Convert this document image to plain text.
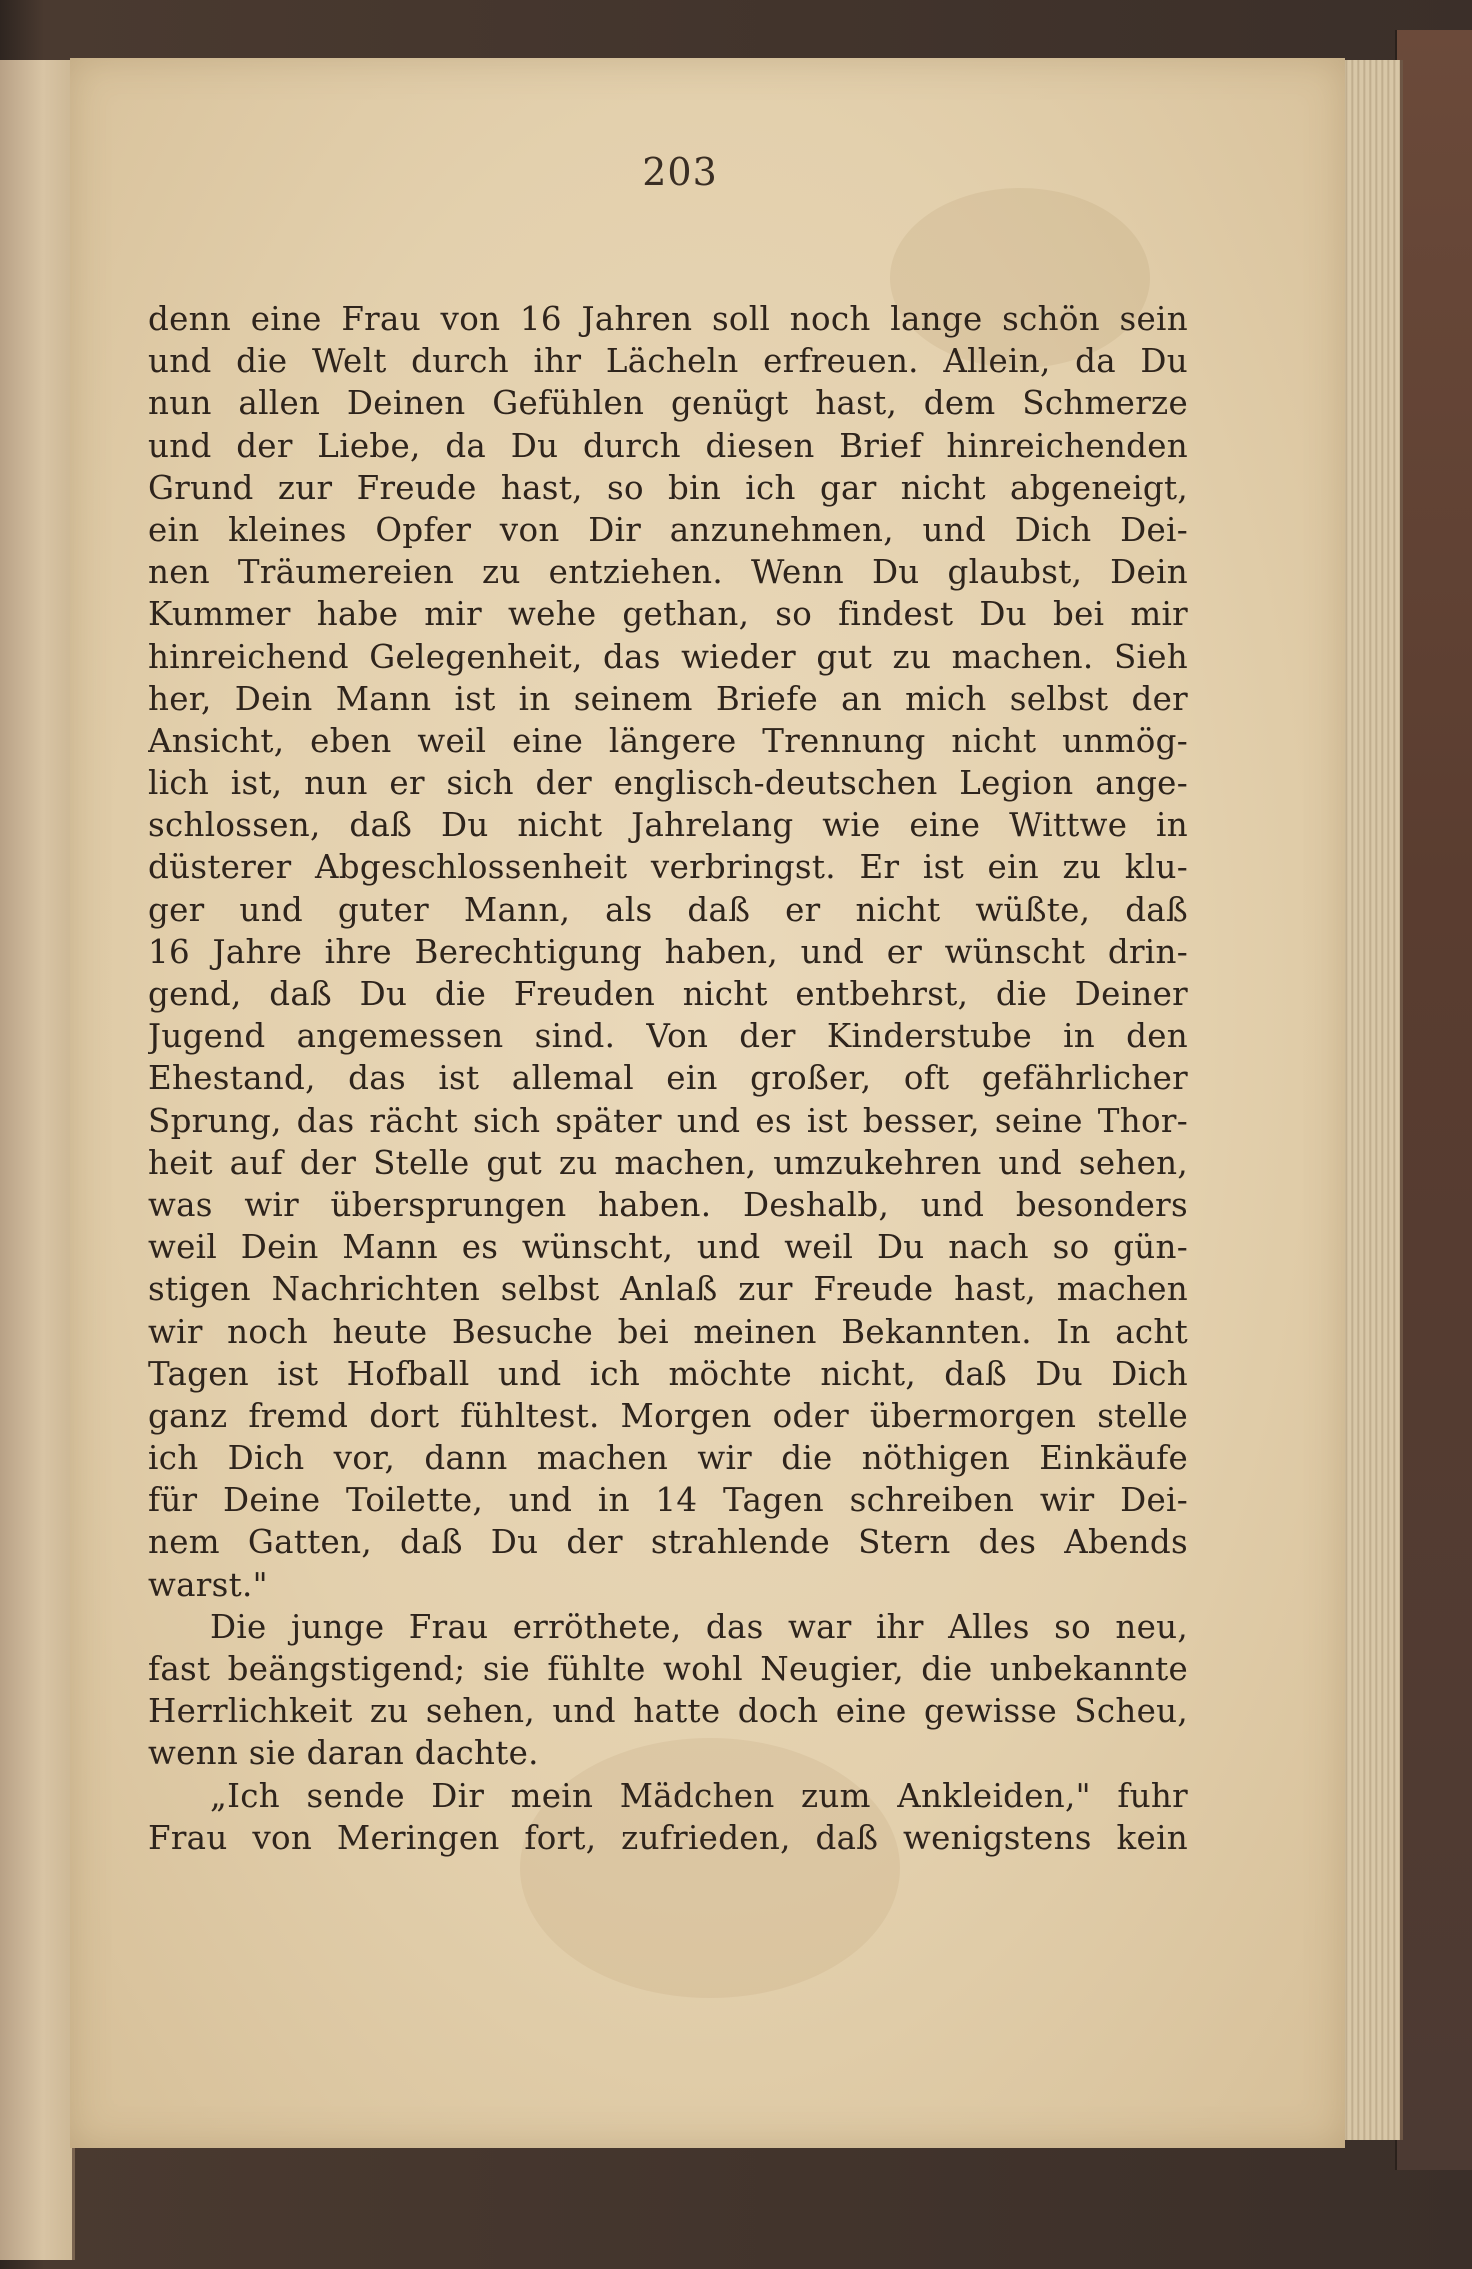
203
denn eine Frau von 16 Jahren soll noch lange schön sein
und die Welt durch ihr Lächeln erfreuen. Allein, da Du
nun allen Deinen Gefühlen genügt hast, dem Schmerze
und der Liebe, da Du durch diesen Brief hinreichenden
Grund zur Freude hast, so bin ich gar nicht abgeneigt,
ein kleines Opfer von Dir anzunehmen, und Dich Dei-
nen Träumereien zu entziehen. Wenn Du glaubst, Dein
Kummer habe mir wehe gethan, so findest Du bei mir
hinreichend Gelegenheit, das wieder gut zu machen. Sieh
her, Dein Mann ist in seinem Briefe an mich selbst der
Ansicht, eben weil eine längere Trennung nicht unmög-
lich ist, nun er sich der englisch-deutschen Legion ange-
schlossen, daß Du nicht Jahrelang wie eine Wittwe in
düsterer Abgeschlossenheit verbringst. Er ist ein zu klu-
ger und guter Mann, als daß er nicht wüßte, daß
16 Jahre ihre Berechtigung haben, und er wünscht drin-
gend, daß Du die Freuden nicht entbehrst, die Deiner
Jugend angemessen sind. Von der Kinderstube in den
Ehestand, das ist allemal ein großer, oft gefährlicher
Sprung, das rächt sich später und es ist besser, seine Thor-
heit auf der Stelle gut zu machen, umzukehren und sehen,
was wir übersprungen haben. Deshalb, und besonders
weil Dein Mann es wünscht, und weil Du nach so gün-
stigen Nachrichten selbst Anlaß zur Freude hast, machen
wir noch heute Besuche bei meinen Bekannten. In acht
Tagen ist Hofball und ich möchte nicht, daß Du Dich
ganz fremd dort fühltest. Morgen oder übermorgen stelle
ich Dich vor, dann machen wir die nöthigen Einkäufe
für Deine Toilette, und in 14 Tagen schreiben wir Dei-
nem Gatten, daß Du der strahlende Stern des Abends
warst."
Die junge Frau erröthete, das war ihr Alles so neu,
fast beängstigend; sie fühlte wohl Neugier, die unbekannte
Herrlichkeit zu sehen, und hatte doch eine gewisse Scheu,
wenn sie daran dachte.
„Ich sende Dir mein Mädchen zum Ankleiden," fuhr
Frau von Meringen fort, zufrieden, daß wenigstens kein
